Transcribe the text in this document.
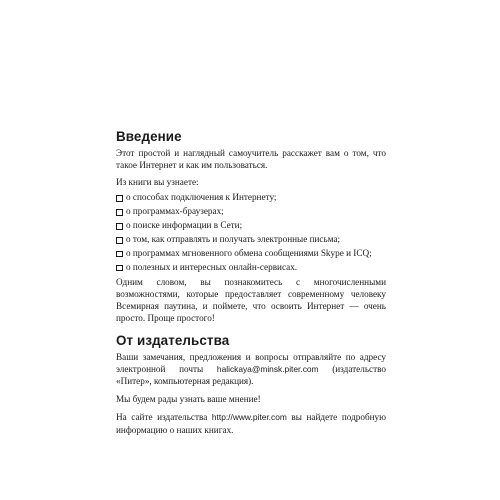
Введение

Этот простой и наглядный самоучитель расскажет вам о том, что такое Интернет и как им пользоваться.

Из книги вы узнаете:

о способах подключения к Интернету;
о программах-браузерах;
о поиске информации в Сети;
о том, как отправлять и получать электронные письма;
о программах мгновенного обмена сообщениями Skype и ICQ;
о полезных и интересных онлайн-сервисах.

Одним словом, вы познакомитесь с многочисленными возможностями, которые предоставляет современному человеку Всемирная паутина, и поймете, что освоить Интернет — очень просто. Проще простого!

От издательства

Ваши замечания, предложения и вопросы отправляйте по адресу электронной почты halickaya@minsk.piter.com (издательство «Питер», компьютерная редакция).

Мы будем рады узнать ваше мнение!

На сайте издательства http://www.piter.com вы найдете подробную информацию о наших книгах.
